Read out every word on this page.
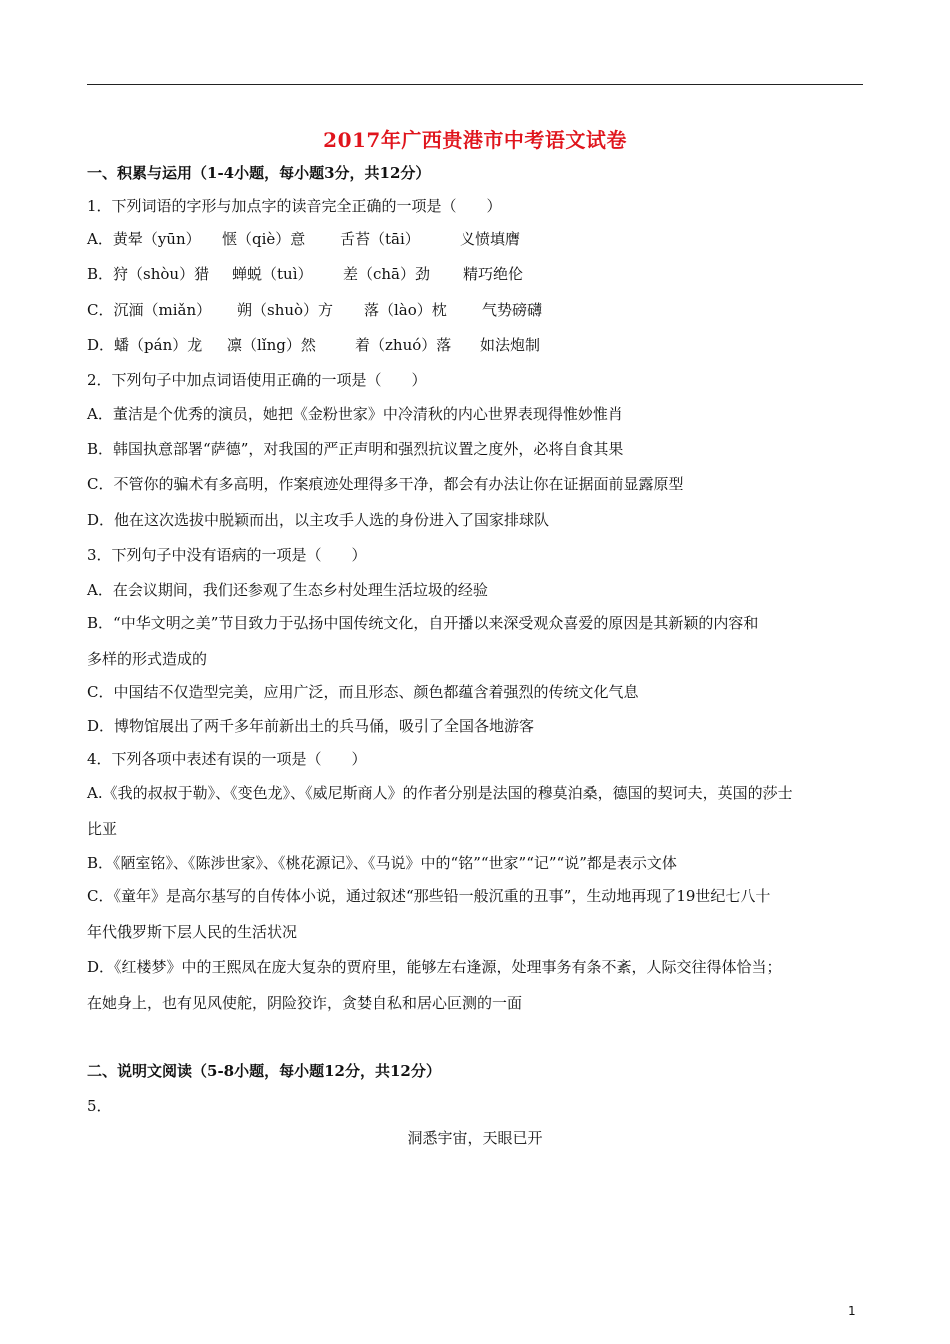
2017年广西贵港市中考语文试卷
一、积累与运用（1-4小题，每小题3分，共12分）
1．下列词语的字形与加点字的读音完全正确的一项是（　　）
A．黄晕（yūn） 惬（qiè）意 舌苔（tāi）	义愤填膺
B．狩（shòu）猎 蝉蜕（tuì） 差（chā）劲 精巧绝伦
C．沉湎（miǎn） 朔（shuò）方 落（lào）枕 气势磅礴
D．蟠（pán）龙 凛（lǐng）然	着（zhuó）落 如法炮制
2．下列句子中加点词语使用正确的一项是（　　）
A．董洁是个优秀的演员，她把《金粉世家》中冷清秋的内心世界表现得惟妙惟肖
B．韩国执意部署“萨德”，对我国的严正声明和强烈抗议置之度外，必将自食其果
C．不管你的骗术有多高明，作案痕迹处理得多干净，都会有办法让你在证据面前显露原型
D．他在这次选拔中脱颖而出，以主攻手人选的身份进入了国家排球队
3．下列句子中没有语病的一项是（　　）
A．在会议期间，我们还参观了生态乡村处理生活垃圾的经验
B．“中华文明之美”节目致力于弘扬中国传统文化，自开播以来深受观众喜爱的原因是其新颖的内容和
多样的形式造成的
C．中国结不仅造型完美，应用广泛，而且形态、颜色都蕴含着强烈的传统文化气息
D．博物馆展出了两千多年前新出土的兵马俑，吸引了全国各地游客
4．下列各项中表述有误的一项是（　　）
A.《我的叔叔于勒》、《变色龙》、《威尼斯商人》的作者分别是法国的穆莫泊桑，德国的契诃夫，英国的莎士
比亚
B．《陋室铭》、《陈涉世家》、《桃花源记》、《马说》中的“铭”“世家”“记”“说”都是表示文体
C．《童年》是高尔基写的自传体小说，通过叙述“那些铅一般沉重的丑事”，生动地再现了19世纪七八十
年代俄罗斯下层人民的生活状况
D．《红楼梦》中的王熙凤在庞大复杂的贾府里，能够左右逢源，处理事务有条不紊，人际交往得体恰当；
在她身上，也有见风使舵，阴险狡诈，贪婪自私和居心叵测的一面
二、说明文阅读（5-8小题，每小题12分，共12分）
5．
洞悉宇宙，天眼已开
1
